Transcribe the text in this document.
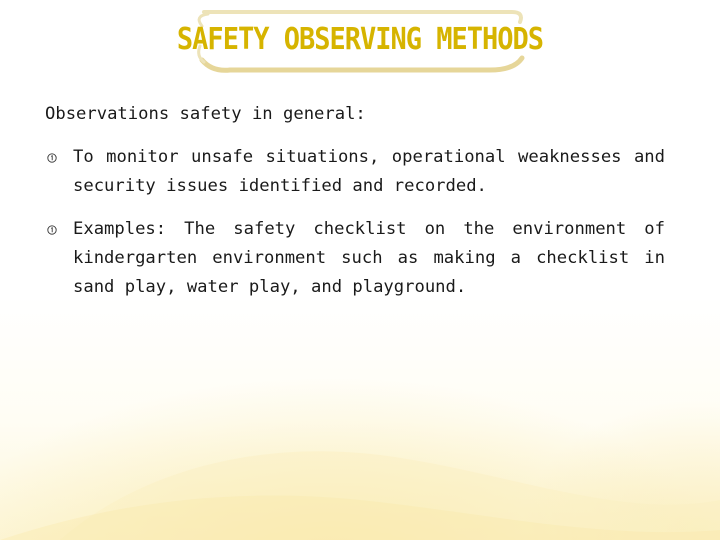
SAFETY OBSERVING METHODS

Observations safety in general:

To monitor unsafe situations, operational weaknesses and security issues identified and recorded.
Examples: The safety checklist on the environment of kindergarten environment such as making a checklist in sand play, water play, and playground.
